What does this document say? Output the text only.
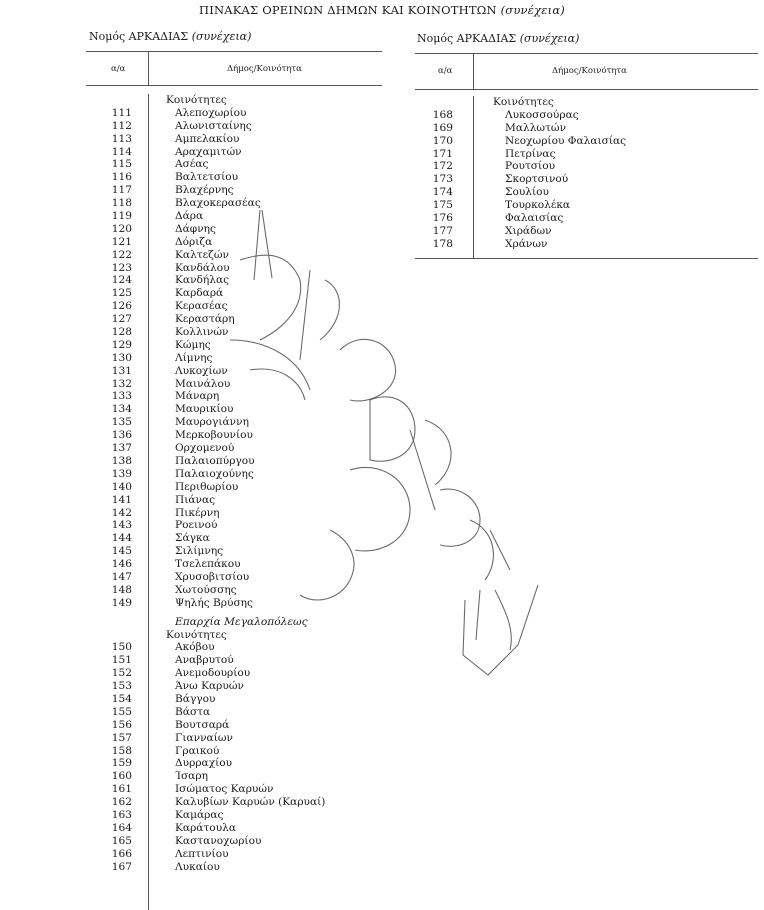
ΠΙΝΑΚΑΣ ΟΡΕΙΝΩΝ ΔΗΜΩΝ ΚΑΙ ΚΟΙΝΟΤΗΤΩΝ (συνέχεια)
Νομός ΑΡΚΑΔΙΑΣ (συνέχεια)
α/α	Δήμος/Κοινότητα
Κοινότητες
111	Αλεποχωρίου
112	Αλωνισταίνης
113	Αμπελακίου
114	Αραχαμιτών
115	Ασέας
116	Βαλτετσίου
117	Βλαχέρνης
118	Βλαχοκερασέας
119	Δάρα
120	Δάφνης
121	Δόριζα
122	Καλτεζών
123	Κανδάλου
124	Κανδήλας
125	Καρδαρά
126	Κερασέας
127	Κεραστάρη
128	Κολλινών
129	Κώμης
130	Λίμνης
131	Λυκοχίων
132	Μαινάλου
133	Μάναρη
134	Μαυρικίου
135	Μαυρογιάννη
136	Μερκοβουνίου
137	Ορχομενού
138	Παλαιοπύργου
139	Παλαιοχούνης
140	Περιθωρίου
141	Πιάνας
142	Πικέρνη
143	Ροεινού
144	Σάγκα
145	Σιλίμνης
146	Τσελεπάκου
147	Χρυσοβιτσίου
148	Χωτούσσης
149	Ψηλής Βρύσης
Επαρχία Μεγαλοπόλεως
Κοινότητες
150	Ακόβου
151	Αναβρυτού
152	Ανεμοδουρίου
153	Άνω Καρυών
154	Βάγγου
155	Βάστα
156	Βουτσαρά
157	Γιανναίων
158	Γραικού
159	Δυρραχίου
160	Ίσαρη
161	Ισώματος Καρυών
162	Καλυβίων Καρυών (Καρυαί)
163	Καμάρας
164	Καράτουλα
165	Καστανοχωρίου
166	Λεπτινίου
167	Λυκαίου
Νομός ΑΡΚΑΔΙΑΣ (συνέχεια)
α/α	Δήμος/Κοινότητα
Κοινότητες
168	Λυκοσσούρας
169	Μαλλωτών
170	Νεοχωρίου Φαλαισίας
171	Πετρίνας
172	Ρουτσίου
173	Σκορτσινού
174	Σουλίου
175	Τουρκολέκα
176	Φαλαισίας
177	Χιράδων
178	Χράνων
